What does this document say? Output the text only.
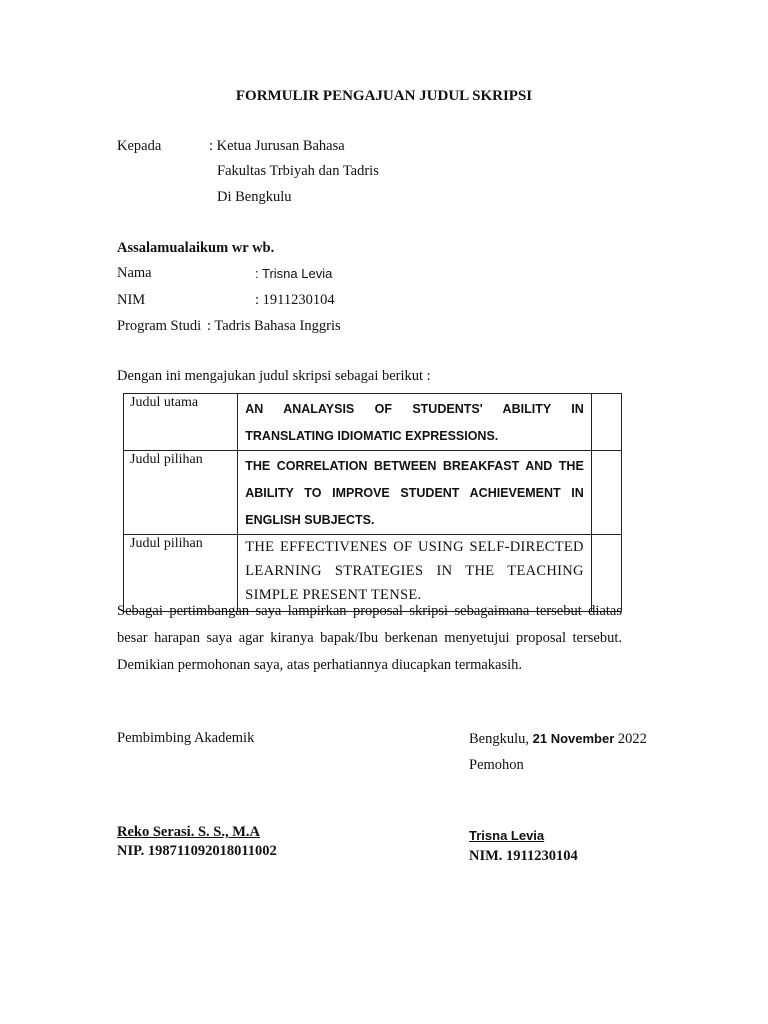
FORMULIR PENGAJUAN JUDUL SKRIPSI
Kepada	: Ketua Jurusan Bahasa
Fakultas Trbiyah dan Tadris
Di Bengkulu
Assalamualaikum wr wb.
Nama	: Trisna Levia
NIM	: 1911230104
Program Studi : Tadris Bahasa Inggris
Dengan ini mengajukan judul skripsi sebagai berikut :
Judul utama	AN ANALAYSIS OF STUDENTS' ABILITY IN TRANSLATING IDIOMATIC EXPRESSIONS.	
Judul pilihan	THE CORRELATION BETWEEN BREAKFAST AND THE ABILITY TO IMPROVE STUDENT ACHIEVEMENT IN ENGLISH SUBJECTS.	
Judul pilihan	THE EFFECTIVENES OF USING SELF-DIRECTED LEARNING STRATEGIES IN THE TEACHING SIMPLE PRESENT TENSE.	
Sebagai pertimbangan saya lampirkan proposal skripsi sebagaimana tersebut diatas
besar harapan saya agar kiranya bapak/Ibu berkenan menyetujui proposal tersebut.
Demikian permohonan saya, atas perhatiannya diucapkan termakasih.
Pembimbing Akademik
Reko Serasi. S. S., M.A
NIP. 198711092018011002
Bengkulu, 21 November 2022
Pemohon
Trisna Levia
NIM. 1911230104
